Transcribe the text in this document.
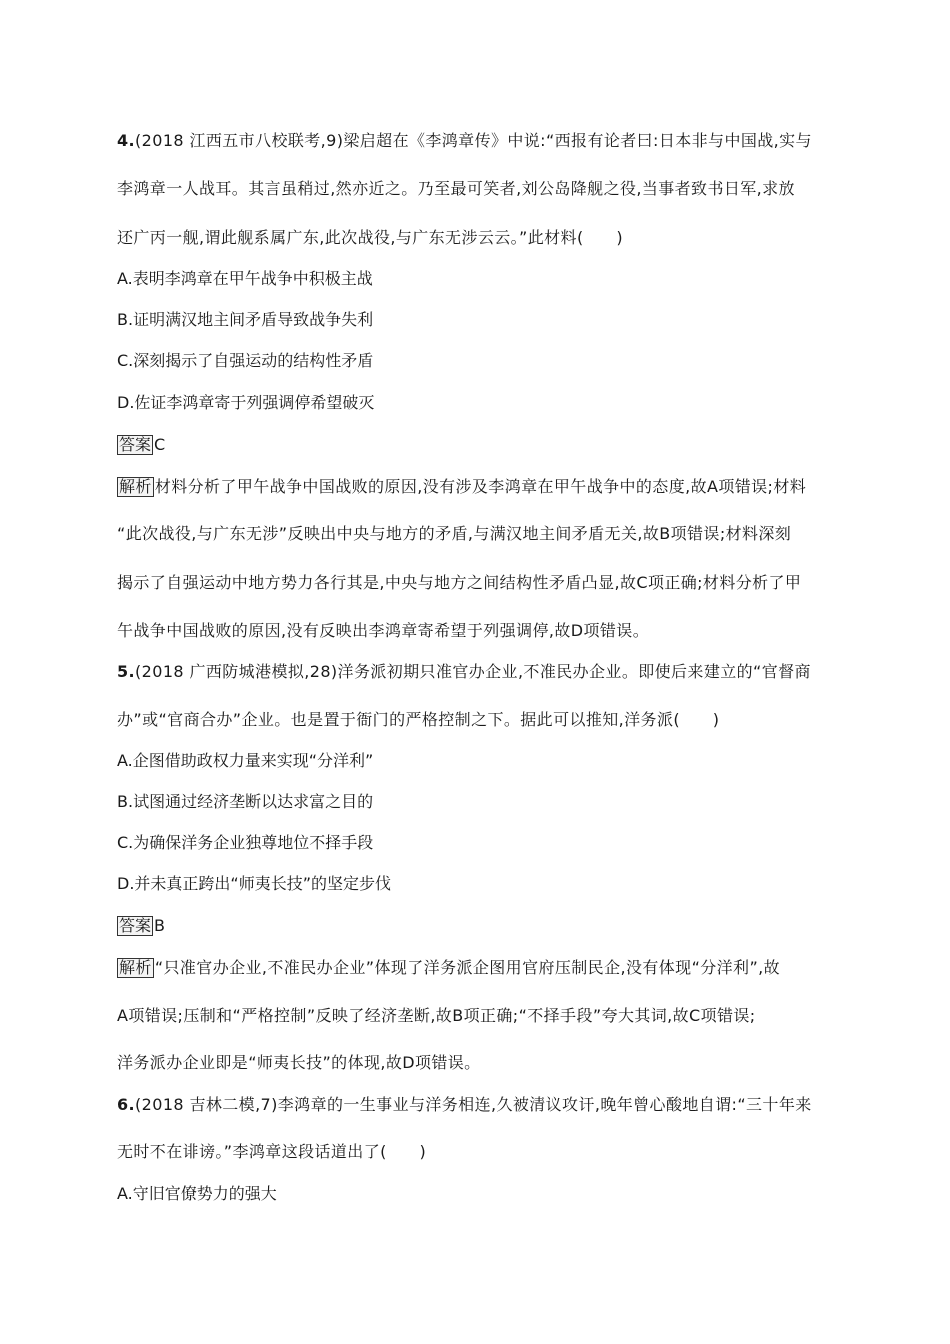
4.(2018 江西五市八校联考,9)梁启超在《李鸿章传》中说:“西报有论者曰:日本非与中国战,实与
李鸿章一人战耳。其言虽稍过,然亦近之。乃至最可笑者,刘公岛降舰之役,当事者致书日军,求放
还广丙一舰,谓此舰系属广东,此次战役,与广东无涉云云。”此材料(　　)
A.表明李鸿章在甲午战争中积极主战
B.证明满汉地主间矛盾导致战争失利
C.深刻揭示了自强运动的结构性矛盾
D.佐证李鸿章寄于列强调停希望破灭
答案 C
解析 材料分析了甲午战争中国战败的原因,没有涉及李鸿章在甲午战争中的态度,故A项错误;材料
“此次战役,与广东无涉”反映出中央与地方的矛盾,与满汉地主间矛盾无关,故B项错误;材料深刻
揭示了自强运动中地方势力各行其是,中央与地方之间结构性矛盾凸显,故C项正确;材料分析了甲
午战争中国战败的原因,没有反映出李鸿章寄希望于列强调停,故D项错误。
5.(2018 广西防城港模拟,28)洋务派初期只准官办企业,不准民办企业。即使后来建立的“官督商
办”或“官商合办”企业。也是置于衙门的严格控制之下。据此可以推知,洋务派(　　)
A.企图借助政权力量来实现“分洋利”
B.试图通过经济垄断以达求富之目的
C.为确保洋务企业独尊地位不择手段
D.并未真正跨出“师夷长技”的坚定步伐
答案 B
解析 “只准官办企业,不准民办企业”体现了洋务派企图用官府压制民企,没有体现“分洋利”,故
A项错误;压制和“严格控制”反映了经济垄断,故B项正确;“不择手段”夸大其词,故C项错误;
洋务派办企业即是“师夷长技”的体现,故D项错误。
6.(2018 吉林二模,7)李鸿章的一生事业与洋务相连,久被清议攻讦,晚年曾心酸地自谓:“三十年来
无时不在诽谤。”李鸿章这段话道出了(　　)
A.守旧官僚势力的强大
